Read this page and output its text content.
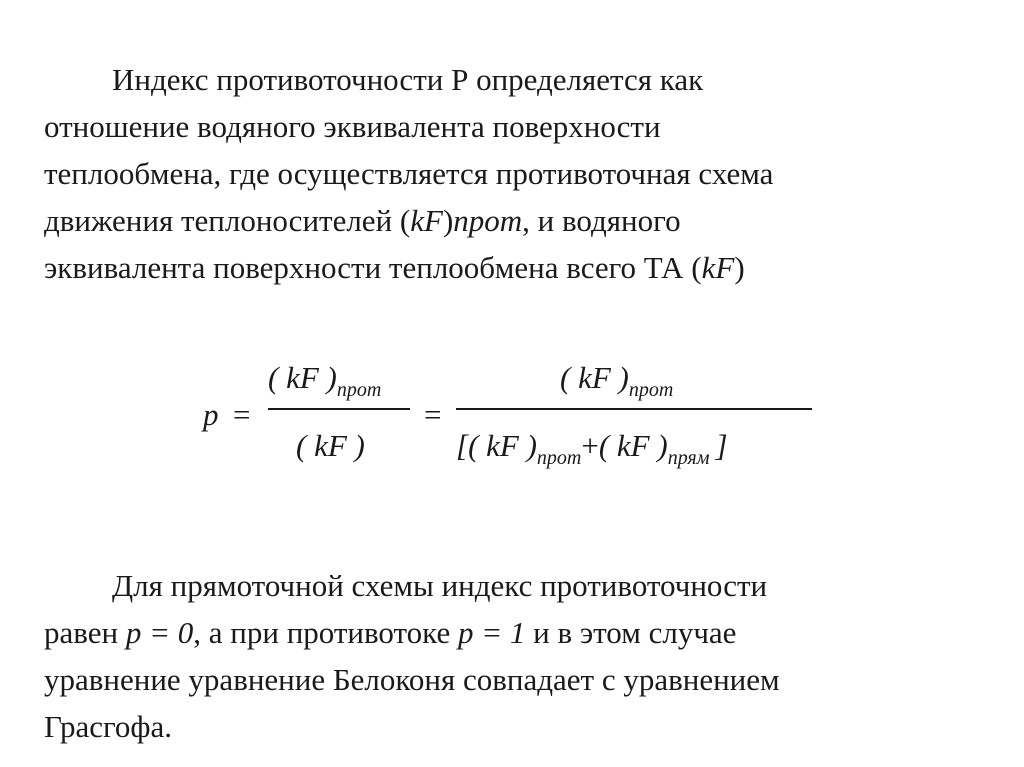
Индекс противоточности Р определяется как
отношение водяного эквивалента поверхности
теплообмена, где осуществляется противоточная схема
движения теплоносителей (kF)прот, и водяного
эквивалента поверхности теплообмена всего ТА (kF)
p =
( kF )$_{прот}$
( kF )
=
( kF )$_{прот}$
[( kF )$_{прот}+$( kF )$_{прям}$ ]
Для прямоточной схемы индекс противоточности
равен p = 0, а при противотоке p = 1 и в этом случае
уравнение уравнение Белоконя совпадает с уравнением
Грасгофа.
